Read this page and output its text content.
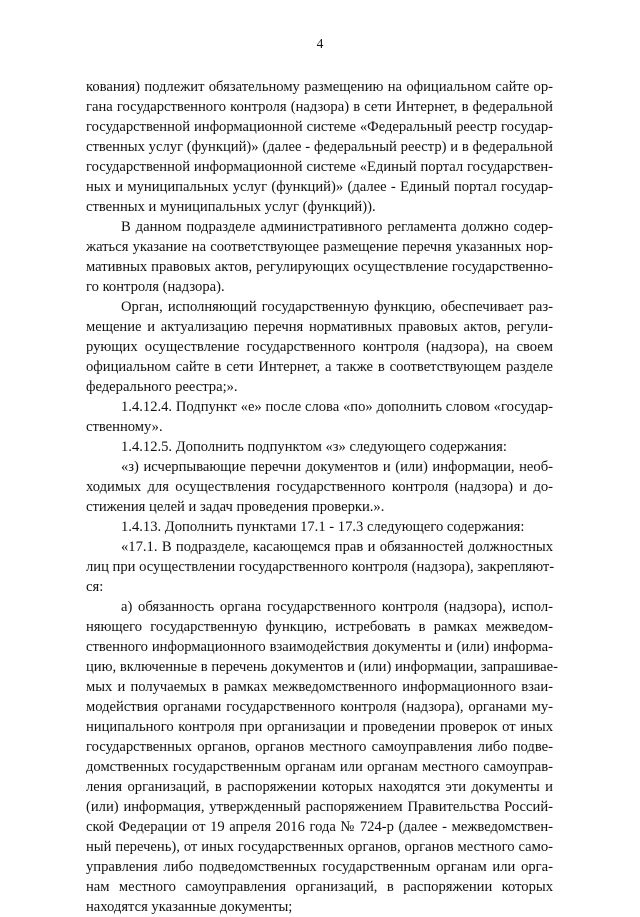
4
кования) подлежит обязательному размещению на официальном сайте ор-
гана государственного контроля (надзора) в сети Интернет, в федеральной
государственной информационной системе «Федеральный реестр государ-
ственных услуг (функций)» (далее - федеральный реестр) и в федеральной
государственной информационной системе «Единый портал государствен-
ных и муниципальных услуг (функций)» (далее - Единый портал государ-
ственных и муниципальных услуг (функций)).
В данном подразделе административного регламента должно содер-
жаться указание на соответствующее размещение перечня указанных нор-
мативных правовых актов, регулирующих осуществление государственно-
го контроля (надзора).
Орган, исполняющий государственную функцию, обеспечивает раз-
мещение и актуализацию перечня нормативных правовых актов, регули-
рующих осуществление государственного контроля (надзора), на своем
официальном сайте в сети Интернет, а также в соответствующем разделе
федерального реестра;».
1.4.12.4. Подпункт «е» после слова «по» дополнить словом «государ-
ственному».
1.4.12.5. Дополнить подпунктом «з» следующего содержания:
«з) исчерпывающие перечни документов и (или) информации, необ-
ходимых для осуществления государственного контроля (надзора) и до-
стижения целей и задач проведения проверки.».
1.4.13. Дополнить пунктами 17.1 - 17.3 следующего содержания:
«17.1. В подразделе, касающемся прав и обязанностей должностных
лиц при осуществлении государственного контроля (надзора), закрепляют-
ся:
а) обязанность органа государственного контроля (надзора), испол-
няющего государственную функцию, истребовать в рамках межведом-
ственного информационного взаимодействия документы и (или) информа-
цию, включенные в перечень документов и (или) информации, запрашивае-
мых и получаемых в рамках межведомственного информационного взаи-
модействия органами государственного контроля (надзора), органами му-
ниципального контроля при организации и проведении проверок от иных
государственных органов, органов местного самоуправления либо подве-
домственных государственным органам или органам местного самоуправ-
ления организаций, в распоряжении которых находятся эти документы и
(или) информация, утвержденный распоряжением Правительства Россий-
ской Федерации от 19 апреля 2016 года № 724-р (далее - межведомствен-
ный перечень), от иных государственных органов, органов местного само-
управления либо подведомственных государственным органам или орга-
нам местного самоуправления организаций, в распоряжении которых
находятся указанные документы;
